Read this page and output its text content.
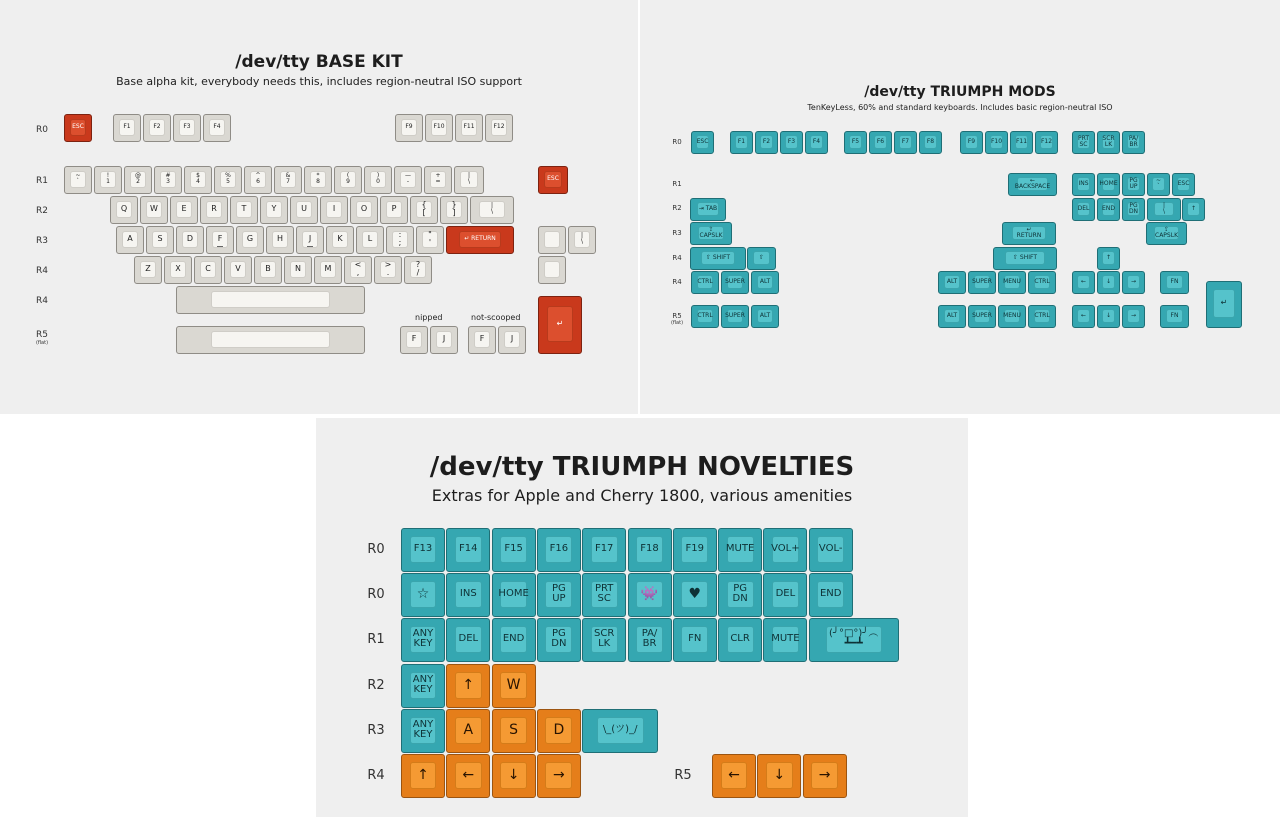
/dev/tty BASE KIT
Base alpha kit, everybody needs this, includes region-neutral ISO support
R0
R1
R2
R3
R4
R4
R5
(flat)
ESC	F1	F2	F3	F4	F9	F10	F11	F12
~
`
!
1
@
2
#
3
$
4
%
5
^
6
&
7
*
8
(
9
)
0
—
-
+
=
|
\	ESC
Q	W	E	R	T	Y	U	I	O	P	{
[
}
]
|
\
A	S	D	F	G	H	J	K	L	:
;
"
'	↵ RETURN	|
\
Z	X	C	V	B	N	M	<
,
>
.
?
/
nipped	not-scooped
F	J	F	J
↵
/dev/tty TRIUMPH MODS
TenKeyLess, 60% and standard keyboards. Includes basic region-neutral ISO
R0
R1
R2
R3
R4
R4
R5
(flat)
ESC	F1	F2	F3	F4	F5	F6	F7	F8	F9	F10 F11 F12	PRT
SC
SCR
LK
PA/
BR
← BACKSPACE	INS HOME	PG
UP
~
`	ESC
⇥ TAB	DEL END	PG
DN
|
\	↑
⇪ CAPSLK
↵ RETURN
⇪
CAPSLK
⇧ SHIFT	⇧	⇧ SHIFT	↑
CTRL SUPER	ALT	ALT	SUPER MENU CTRL	←	↓	→	FN
CTRL SUPER	ALT	ALT	SUPER MENU CTRL	←	↓	→	FN
↵
/dev/tty TRIUMPH NOVELTIES
Extras for Apple and Cherry 1800, various amenities
R0
R0
R1
R2
R3
R4	R5
F13	F14	F15	F16	F17	F18	F19	MUTE VOL+ VOL-
☆	INS	HOME	PG
UP
PRT
SC	👾	♥	PG
DN	DEL	END
ANY
KEY	DEL	END	PG
DN
SCR
LK
PA/
BR	FN	CLR	MUTE	(╯°□°)╯︵ ┻━┻
ANY
KEY	↑	W
ANY
KEY	A	S	D	\_(ツ)_/
↑	←	↓	→	←	↓	→
